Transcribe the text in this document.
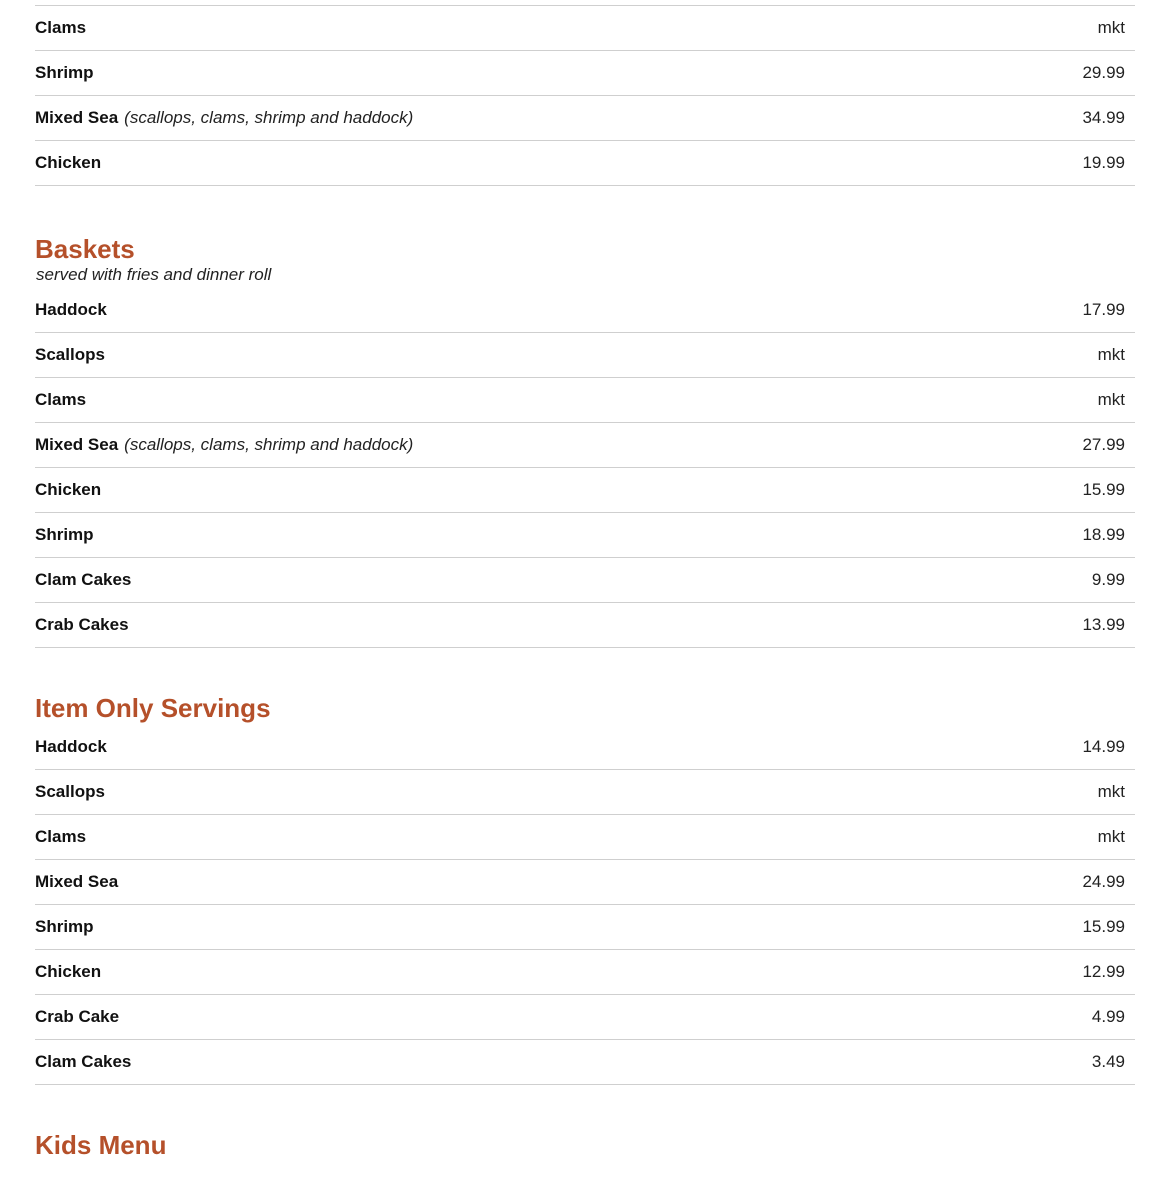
Clams	mkt
Shrimp	29.99
Mixed Sea (scallops, clams, shrimp and haddock)	34.99
Chicken	19.99
Baskets

served with fries and dinner roll

Haddock	17.99
Scallops	mkt
Clams	mkt
Mixed Sea (scallops, clams, shrimp and haddock)	27.99
Chicken	15.99
Shrimp	18.99
Clam Cakes	9.99
Crab Cakes	13.99
Item Only Servings
Haddock	14.99
Scallops	mkt
Clams	mkt
Mixed Sea	24.99
Shrimp	15.99
Chicken	12.99
Crab Cake	4.99
Clam Cakes	3.49
Kids Menu
